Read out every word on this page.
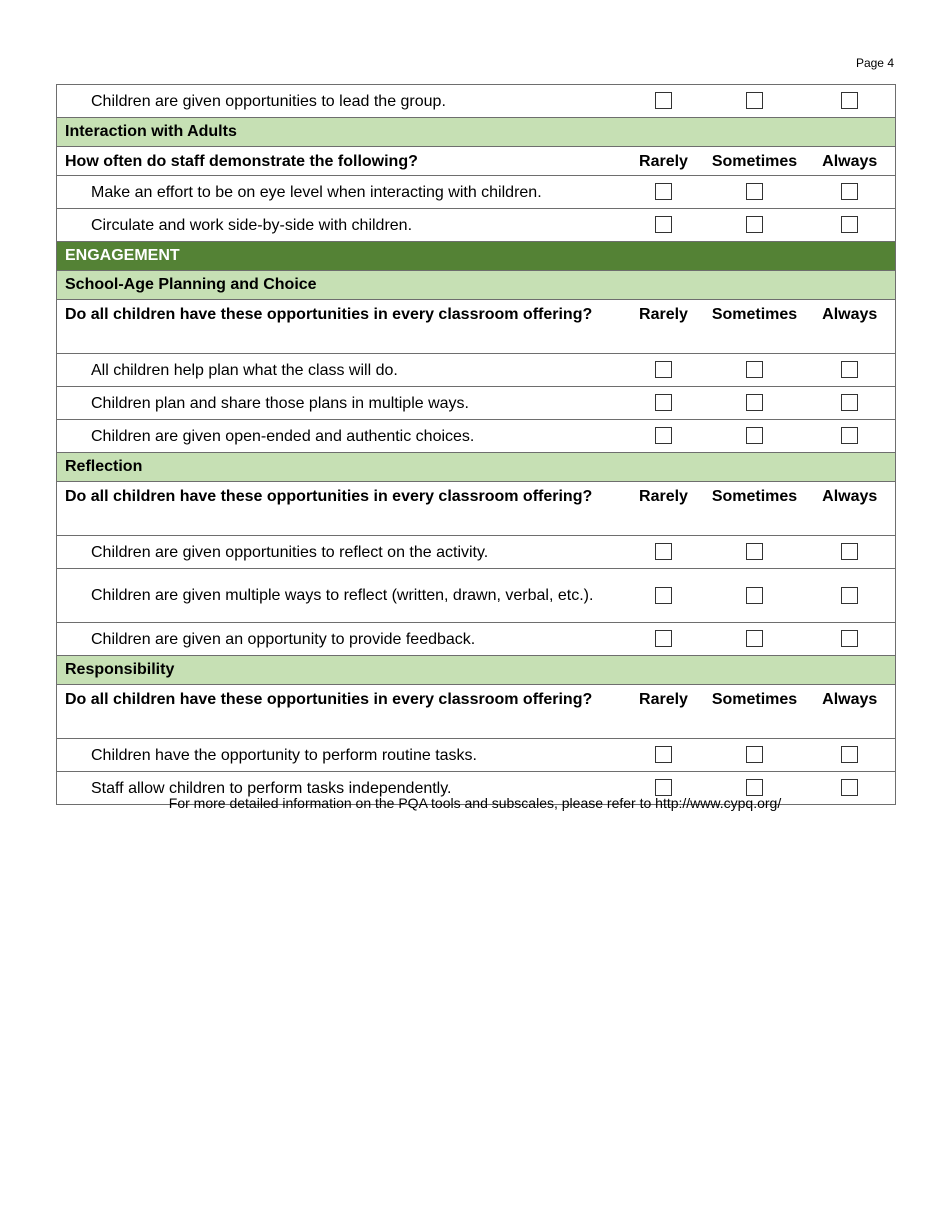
Page 4
Children are given opportunities to lead the group.			
Interaction with Adults			
How often do staff demonstrate the following?	Rarely	Sometimes	Always
Make an effort to be on eye level when interacting with children.			
Circulate and work side-by-side with children.			
ENGAGEMENT			
School-Age Planning and Choice			
Do all children have these opportunities in every classroom offering?	Rarely	Sometimes	Always
All children help plan what the class will do.			
Children plan and share those plans in multiple ways.			
Children are given open-ended and authentic choices.			
Reflection			
Do all children have these opportunities in every classroom offering?	Rarely	Sometimes	Always
Children are given opportunities to reflect on the activity.			
Children are given multiple ways to reflect (written, drawn, verbal, etc.).			
Children are given an opportunity to provide feedback.			
Responsibility			
Do all children have these opportunities in every classroom offering?	Rarely	Sometimes	Always
Children have the opportunity to perform routine tasks.			
Staff allow children to perform tasks independently.			
For more detailed information on the PQA tools and subscales, please refer to http://www.cypq.org/
